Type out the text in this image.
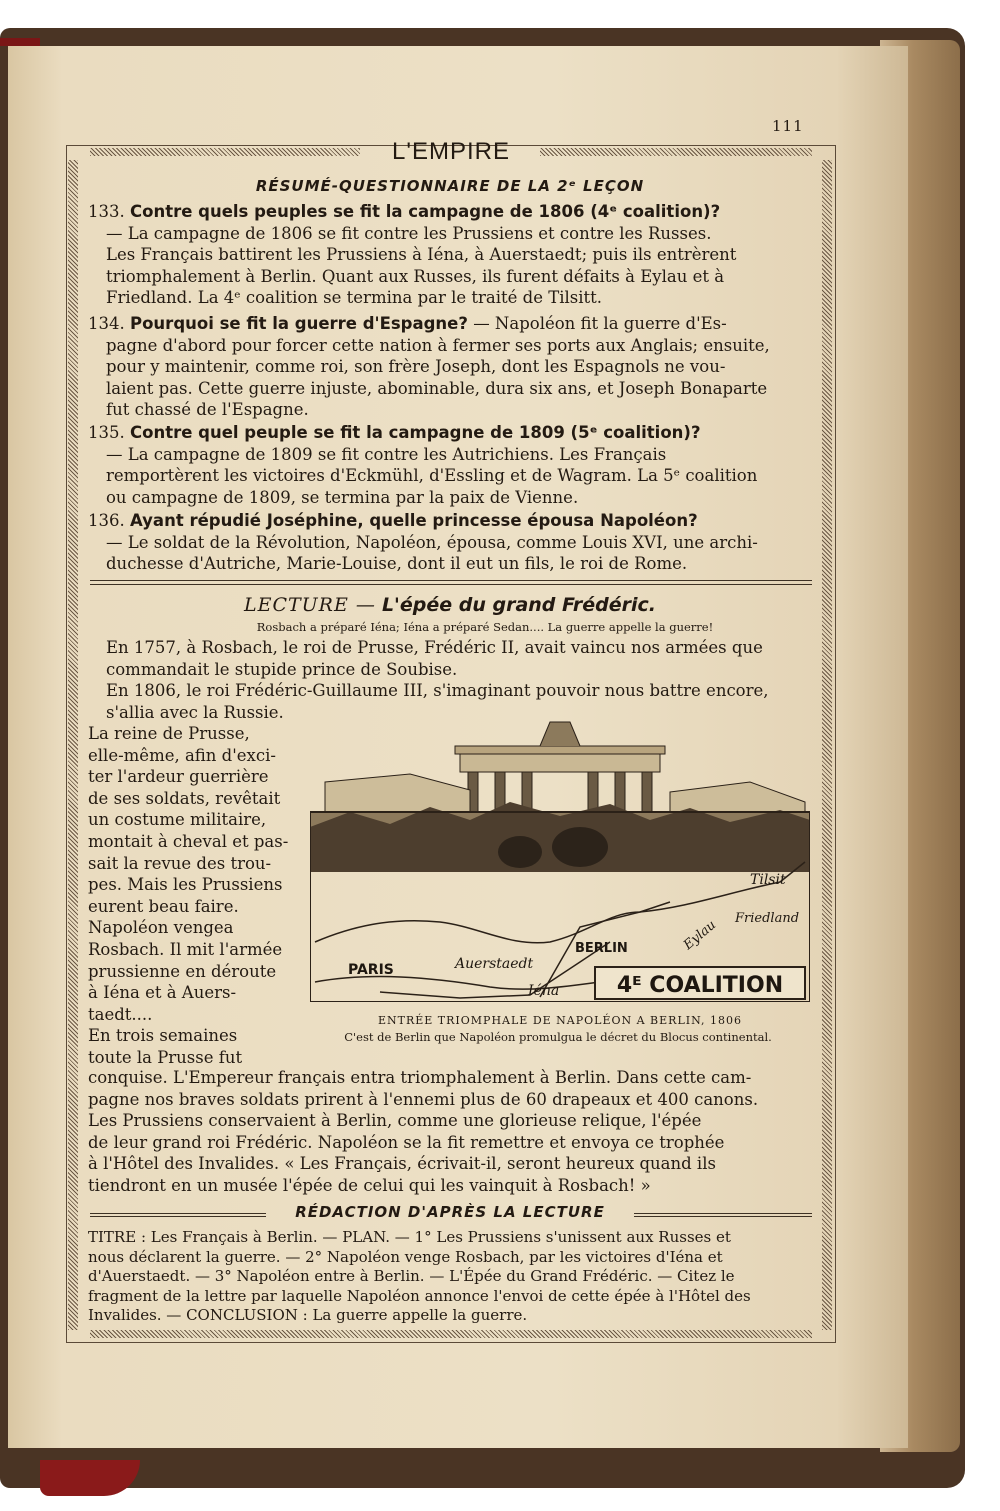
111
L'EMPIRE
RÉSUMÉ-QUESTIONNAIRE DE LA 2ᵉ LEÇON

133. Contre quels peuples se fit la campagne de 1806 (4ᵉ coalition)?

— La campagne de 1806 se fit contre les Prussiens et contre les Russes.

Les Français battirent les Prussiens à Iéna, à Auerstaedt; puis ils entrèrent

triomphalement à Berlin. Quant aux Russes, ils furent défaits à Eylau et à

Friedland. La 4ᵉ coalition se termina par le traité de Tilsitt.

134. Pourquoi se fit la guerre d'Espagne? — Napoléon fit la guerre d'Es-

pagne d'abord pour forcer cette nation à fermer ses ports aux Anglais; ensuite,

pour y maintenir, comme roi, son frère Joseph, dont les Espagnols ne vou-

laient pas. Cette guerre injuste, abominable, dura six ans, et Joseph Bonaparte

fut chassé de l'Espagne.

135. Contre quel peuple se fit la campagne de 1809 (5ᵉ coalition)?

— La campagne de 1809 se fit contre les Autrichiens. Les Français

remportèrent les victoires d'Eckmühl, d'Essling et de Wagram. La 5ᵉ coalition

ou campagne de 1809, se termina par la paix de Vienne.

136. Ayant répudié Joséphine, quelle princesse épousa Napoléon?

— Le soldat de la Révolution, Napoléon, épousa, comme Louis XVI, une archi-

duchesse d'Autriche, Marie-Louise, dont il eut un fils, le roi de Rome.

LECTURE — L'épée du grand Frédéric.
Rosbach a préparé Iéna; Iéna a préparé Sedan.... La guerre appelle la guerre!

En 1757, à Rosbach, le roi de Prusse, Frédéric II, avait vaincu nos armées que

commandait le stupide prince de Soubise.

En 1806, le roi Frédéric-Guillaume III, s'imaginant pouvoir nous battre encore,

s'allia avec la Russie.

La reine de Prusse,

elle-même, afin d'exci-

ter l'ardeur guerrière

de ses soldats, revêtait

un costume militaire,

montait à cheval et pas-

sait la revue des trou-

pes. Mais les Prussiens

eurent beau faire.

Napoléon vengea

Rosbach. Il mit l'armée

prussienne en déroute

à Iéna et à Auers-

taedt....

En trois semaines

toute la Prusse fut

4ᴱ COALITION
PARIS	Auerstaedt
Iéna
BERLIN	Eylau Friedland
Tilsit
ENTRÉE TRIOMPHALE DE NAPOLÉON A BERLIN, 1806
C'est de Berlin que Napoléon promulgua le décret du Blocus continental.

conquise. L'Empereur français entra triomphalement à Berlin. Dans cette cam-

pagne nos braves soldats prirent à l'ennemi plus de 60 drapeaux et 400 canons.

Les Prussiens conservaient à Berlin, comme une glorieuse relique, l'épée

de leur grand roi Frédéric. Napoléon se la fit remettre et envoya ce trophée

à l'Hôtel des Invalides. « Les Français, écrivait-il, seront heureux quand ils

tiendront en un musée l'épée de celui qui les vainquit à Rosbach! »

RÉDACTION D'APRÈS LA LECTURE

TITRE : Les Français à Berlin. — PLAN. — 1° Les Prussiens s'unissent aux Russes et

nous déclarent la guerre. — 2° Napoléon venge Rosbach, par les victoires d'Iéna et

d'Auerstaedt. — 3° Napoléon entre à Berlin. — L'Épée du Grand Frédéric. — Citez le

fragment de la lettre par laquelle Napoléon annonce l'envoi de cette épée à l'Hôtel des

Invalides. — CONCLUSION : La guerre appelle la guerre.
